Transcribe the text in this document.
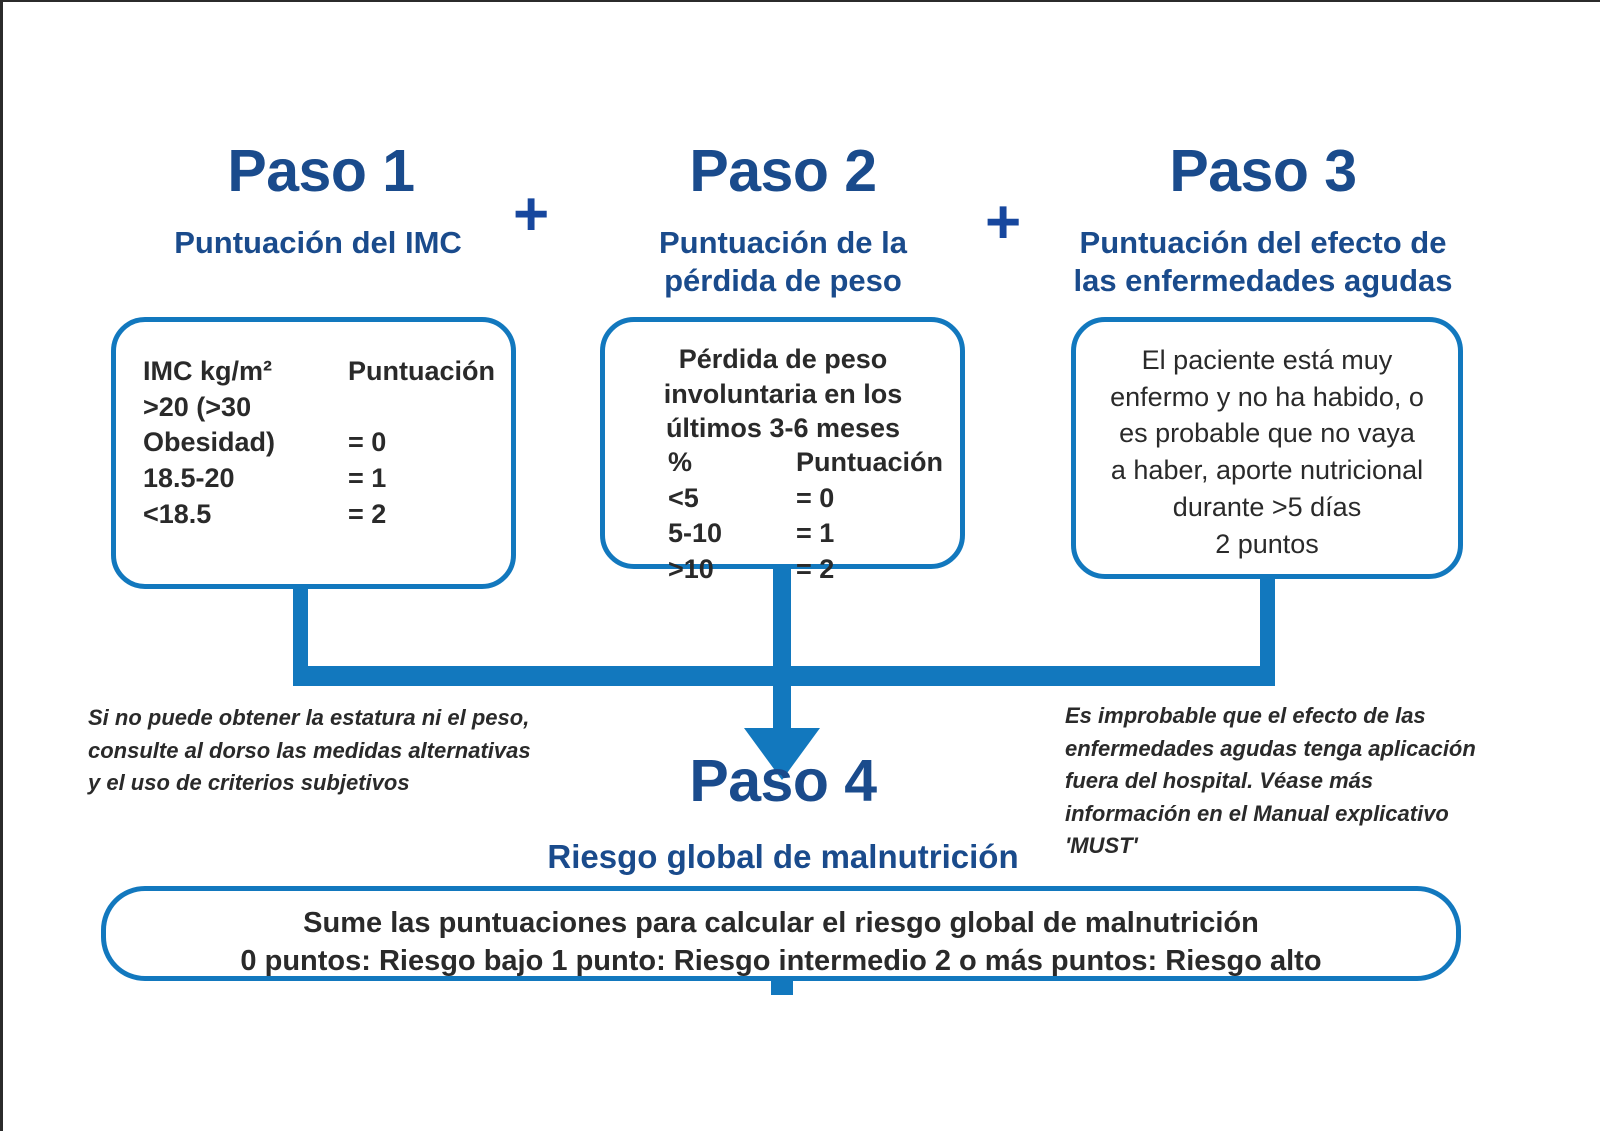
Paso 1
Puntuación del IMC +
IMC kg/m²	Puntuación
>20 (>30
Obesidad)	= 0
18.5-20	= 1
<18.5	= 2
Paso 2
Puntuación de la
pérdida de peso
+
Pérdida de peso
involuntaria en los
últimos 3-6 meses
%	Puntuación
<5	= 0
5-10	= 1
>10	= 2
Paso 3
Puntuación del efecto de
las enfermedades agudas
El paciente está muy
enfermo y no ha habido, o
es probable que no vaya
a haber, aporte nutricional
durante >5 días
2 puntos
Si no puede obtener la estatura ni el peso, consulte al dorso las medidas alternativas y el uso de criterios subjetivos
Es improbable que el efecto de las enfermedades agudas tenga aplicación fuera del hospital. Véase más información en el Manual explicativo 'MUST'
Paso 4
Riesgo global de malnutrición
Sume las puntuaciones para calcular el riesgo global de malnutrición
0 puntos: Riesgo bajo 1 punto: Riesgo intermedio 2 o más puntos: Riesgo alto
